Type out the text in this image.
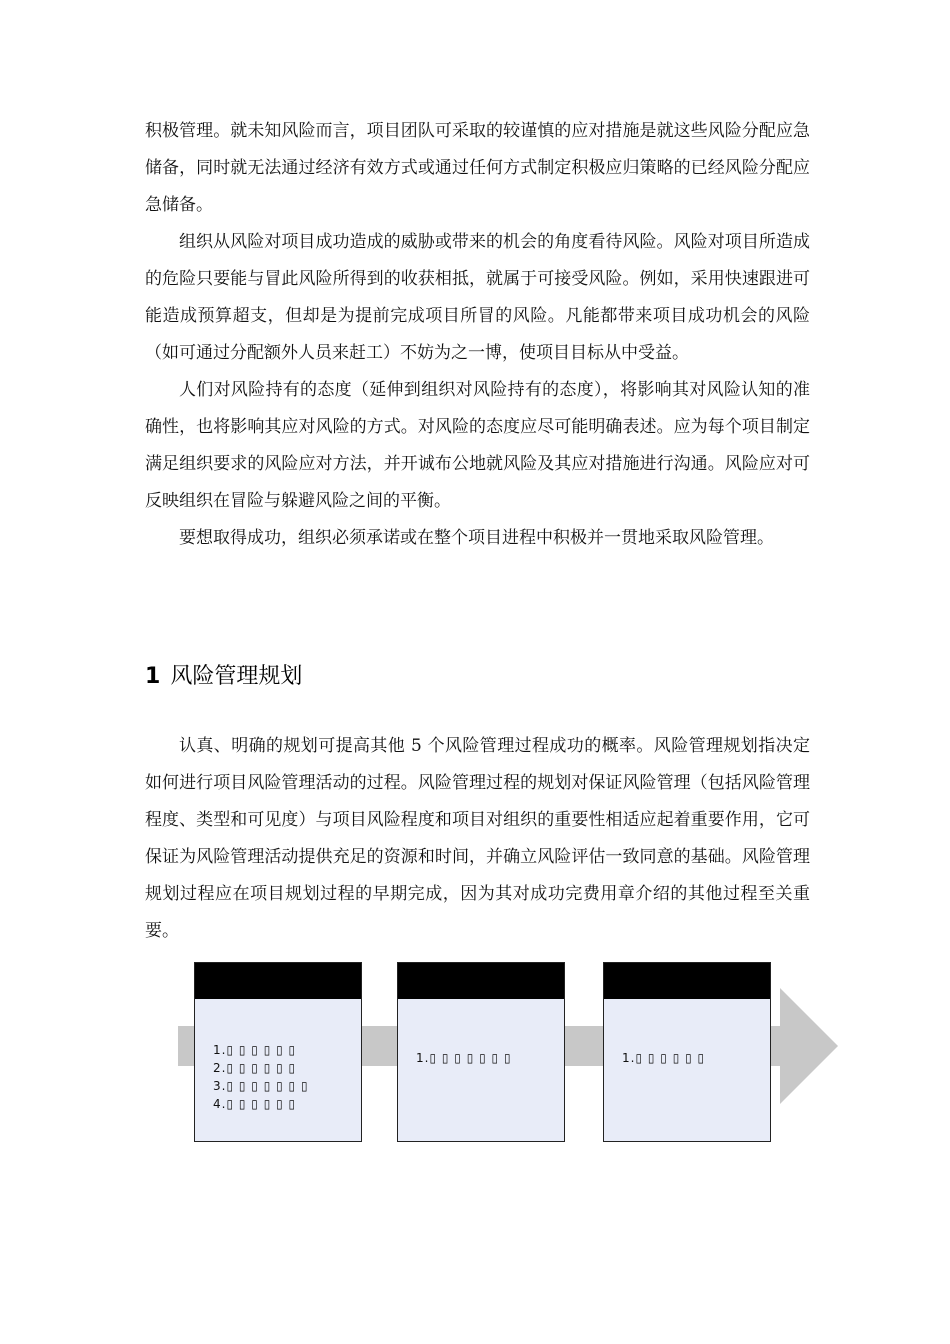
积极管理。就未知风险而言，项目团队可采取的较谨慎的应对措施是就这些风险分配应急储备，同时就无法通过经济有效方式或通过任何方式制定积极应归策略的已经风险分配应急储备。

组织从风险对项目成功造成的威胁或带来的机会的角度看待风险。风险对项目所造成的危险只要能与冒此风险所得到的收获相抵，就属于可接受风险。例如，采用快速跟进可能造成预算超支，但却是为提前完成项目所冒的风险。凡能都带来项目成功机会的风险（如可通过分配额外人员来赶工）不妨为之一博，使项目目标从中受益。

人们对风险持有的态度（延伸到组织对风险持有的态度），将影响其对风险认知的准确性，也将影响其应对风险的方式。对风险的态度应尽可能明确表述。应为每个项目制定满足组织要求的风险应对方法，并开诚布公地就风险及其应对措施进行沟通。风险应对可反映组织在冒险与躲避风险之间的平衡。

要想取得成功，组织必须承诺或在整个项目进程中积极并一贯地采取风险管理。

1 风险管理规划

认真、明确的规划可提高其他 5 个风险管理过程成功的概率。风险管理规划指决定如何进行项目风险管理活动的过程。风险管理过程的规划对保证风险管理（包括风险管理程度、类型和可见度）与项目风险程度和项目对组织的重要性相适应起着重要作用，它可保证为风险管理活动提供充足的资源和时间，并确立风险评估一致同意的基础。风险管理规划过程应在项目规划过程的早期完成，因为其对成功完费用章介绍的其他过程至关重要。

1.▯ ▯ ▯ ▯ ▯ ▯
2.▯ ▯ ▯ ▯ ▯ ▯
3.▯ ▯ ▯ ▯ ▯ ▯ ▯
4.▯ ▯ ▯ ▯ ▯ ▯
1.▯ ▯ ▯ ▯ ▯ ▯ ▯	1.▯ ▯ ▯ ▯ ▯ ▯
